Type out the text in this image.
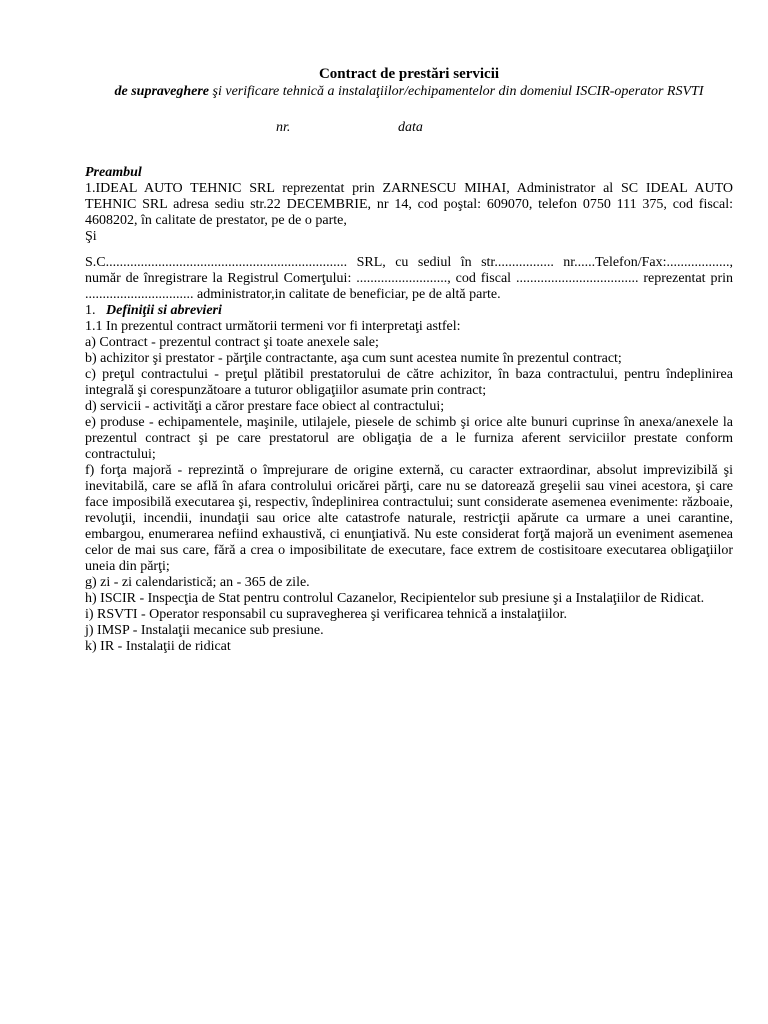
Contract de prestări servicii
de supraveghere şi verificare tehnică a instalaţiilor/echipamentelor din domeniul ISCIR-operator RSVTI
nr.	data

Preambul

1.IDEAL AUTO TEHNIC SRL reprezentat prin ZARNESCU MIHAI, Administrator al SC IDEAL AUTO TEHNIC SRL adresa sediu str.22 DECEMBRIE, nr 14, cod poştal: 609070, telefon 0750 111 375, cod fiscal: 4608202, în calitate de prestator, pe de o parte,

Şi

S.C..................................................................... SRL, cu sediul în str................. nr......Telefon/Fax:.................., număr de înregistrare la Registrul Comerţului: .........................., cod fiscal ................................... reprezentat prin ............................... administrator,in calitate de beneficiar, pe de altă parte.

1. Definiţii si abrevieri

1.1 In prezentul contract următorii termeni vor fi interpretaţi astfel:

a) Contract - prezentul contract şi toate anexele sale;

b) achizitor şi prestator - părţile contractante, aşa cum sunt acestea numite în prezentul contract;

c) preţul contractului - preţul plătibil prestatorului de către achizitor, în baza contractului, pentru îndeplinirea integrală şi corespunzătoare a tuturor obligaţiilor asumate prin contract;

d) servicii - activităţi a căror prestare face obiect al contractului;

e) produse - echipamentele, maşinile, utilajele, piesele de schimb şi orice alte bunuri cuprinse în anexa/anexele la prezentul contract şi pe care prestatorul are obligaţia de a le furniza aferent serviciilor prestate conform contractului;

f) forţa majoră - reprezintă o împrejurare de origine externă, cu caracter extraordinar, absolut imprevizibilă şi inevitabilă, care se află în afara controlului oricărei părţi, care nu se datorează greşelii sau vinei acestora, şi care face imposibilă executarea şi, respectiv, îndeplinirea contractului; sunt considerate asemenea evenimente: războaie, revoluţii, incendii, inundaţii sau orice alte catastrofe naturale, restricţii apărute ca urmare a unei carantine, embargou, enumerarea nefiind exhaustivă, ci enunţiativă. Nu este considerat forţă majoră un eveniment asemenea celor de mai sus care, fără a crea o imposibilitate de executare, face extrem de costisitoare executarea obligaţiilor uneia din părţi;

g) zi - zi calendaristică; an - 365 de zile.

h) ISCIR - Inspecţia de Stat pentru controlul Cazanelor, Recipientelor sub presiune şi a Instalaţiilor de Ridicat.

i) RSVTI - Operator responsabil cu supravegherea şi verificarea tehnică a instalaţiilor.

j) IMSP - Instalaţii mecanice sub presiune.

k) IR - Instalaţii de ridicat
